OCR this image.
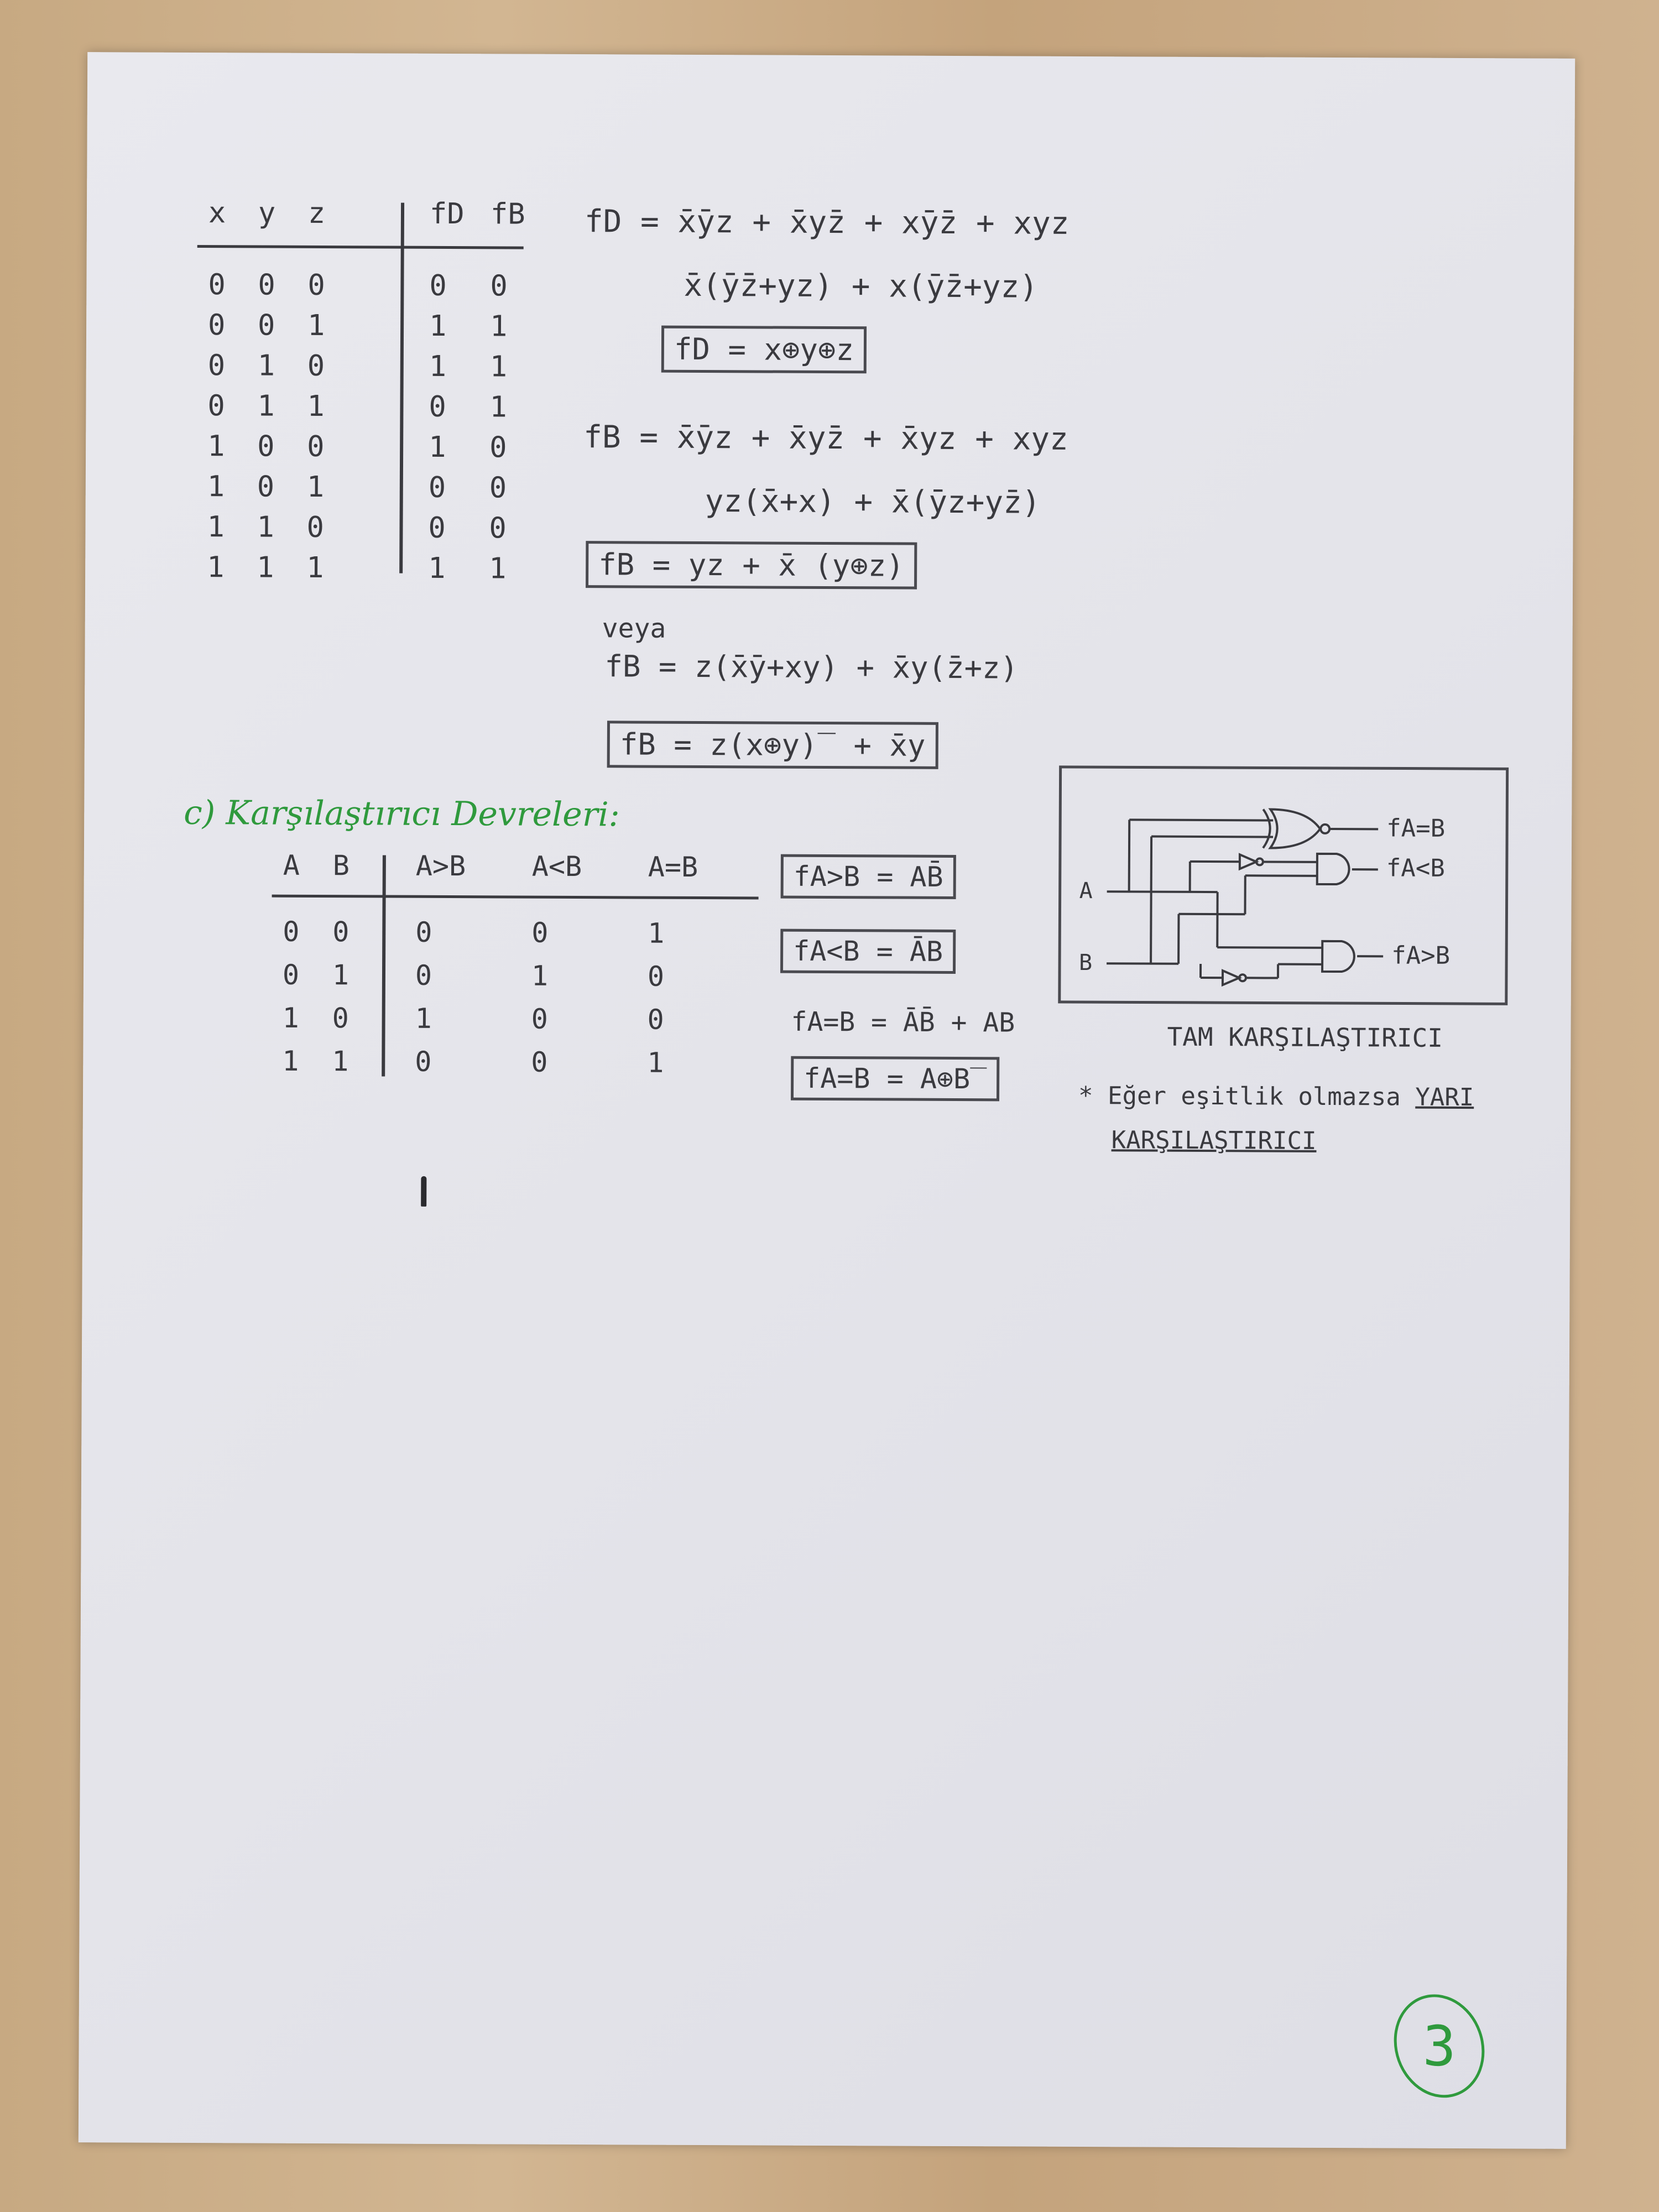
x y z	fD fB
0 0 0	0 0
0 0 1	1 1
0 1 0	1 1
0 1 1	0 1
1 0 0	1 0
1 0 1	0 0
1 1 0	0 0
1 1 1	1 1
fD = x̄ȳz + x̄yz̄ + xȳz̄ + xyz
x̄(ȳz̄+yz) + x(ȳz̄+yz)
fD = x⊕y⊕z
fB = x̄ȳz + x̄yz̄ + x̄yz + xyz
yz(x̄+x) + x̄(ȳz+yz̄)
fB = yz + x̄ (y⊕z)
veya
fB = z(x̄ȳ+xy) + x̄y(z̄+z)
fB = z(x⊕y)‾ + x̄y
c) Karşılaştırıcı Devreleri:
A B A>B A<B A=B
0 0 0	0	1
0 1 0	1	0
1 0 1	0	0
1 1 0	0	1
fA>B = AB̄
fA<B = ĀB
fA=B = ĀB̄ + AB
fA=B = A⊕B‾
A
B
fA=B
fA<B
fA>B
TAM KARŞILAŞTIRICI
* Eğer eşitlik olmazsa YARI
KARŞILAŞTIRICI
3
